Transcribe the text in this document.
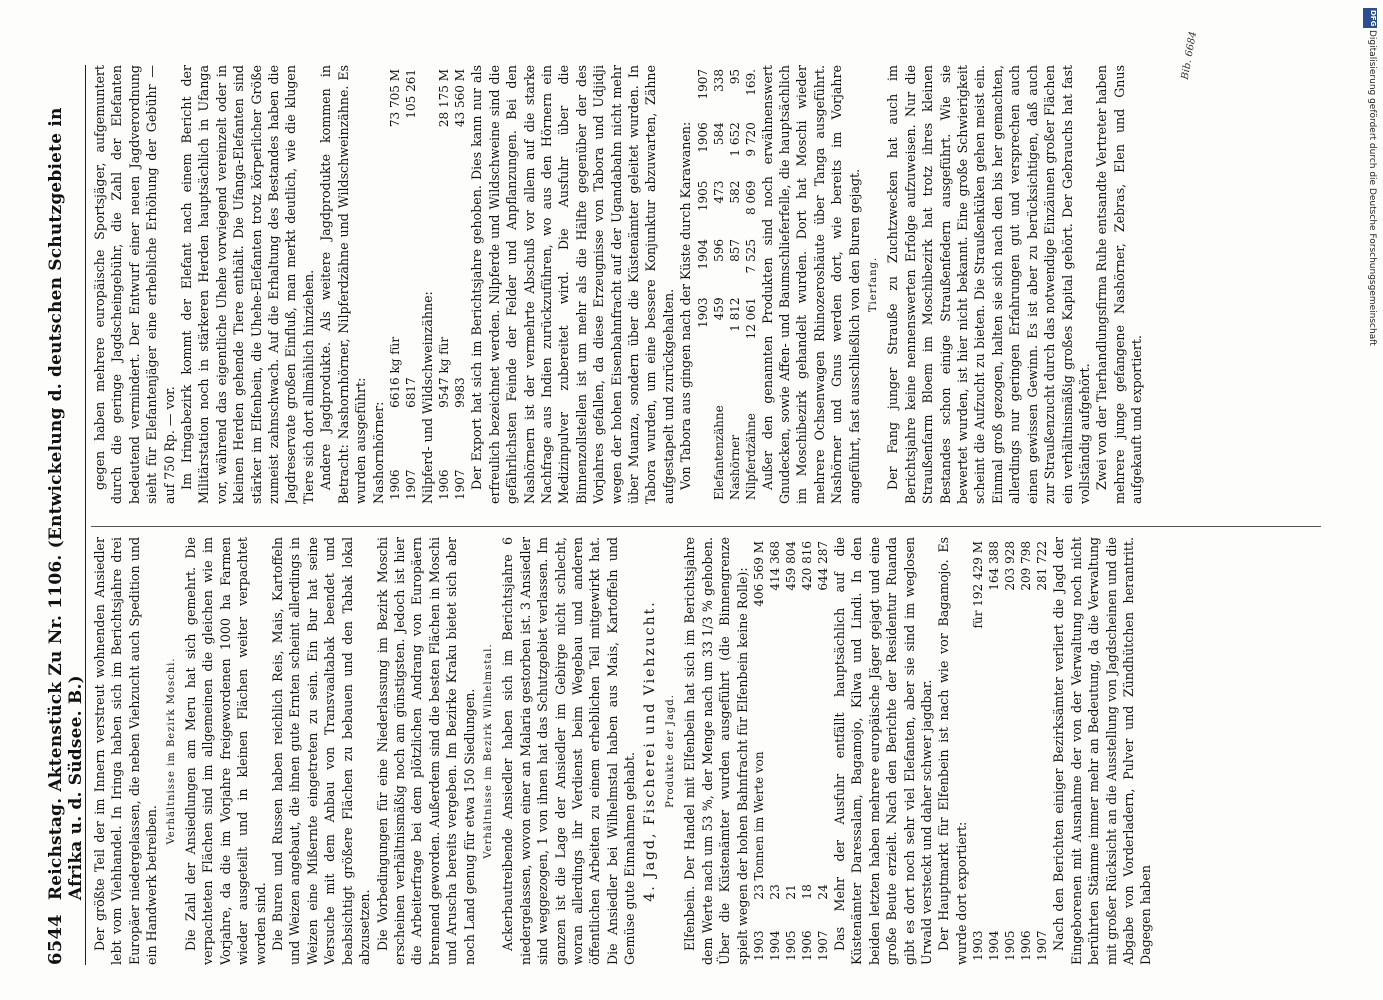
6544
Reichstag. Aktenstück Zu Nr. 1106. (Entwickelung d. deutschen Schutzgebiete in Afrika u. d. Südsee. B.) Der größte Teil der im Innern verstreut wohnenden Ansiedler lebt vom Viehhandel. In Iringa haben sich im Berichtsjahre drei Europäer niedergelassen, die neben Viehzucht auch Spedition und ein Handwerk betreiben.

Verhältnisse im Bezirk Moschi. Die Zahl der Ansiedlungen am Meru hat sich gemehrt. Die verpachteten Flächen sind im allgemeinen die gleichen wie im Vorjahre, da die im Vorjahre freigewordenen 1000 ha Farmen wieder ausgeteilt und in kleinen Flächen weiter verpachtet worden sind. Die Buren und Russen haben reichlich Reis, Mais, Kartoffeln und Weizen angebaut, die ihnen gute Ernten scheint allerdings in Weizen eine Mißernte eingetreten zu sein. Ein Bur hat seine Versuche mit dem Anbau von Transvaaltabak beendet und beabsichtigt größere Flächen zu bebauen und den Tabak lokal abzusetzen. Die Vorbedingungen für eine Niederlassung im Bezirk Moschi erscheinen verhältnismäßig noch am günstigsten. Jedoch ist hier die Arbeiterfrage bei dem plötzlichen Andrang von Europäern brennend geworden. Außerdem sind die besten Flächen in Moschi und Aruscha bereits vergeben. Im Bezirke Kraku bietet sich aber noch Land genug für etwa 150 Siedlungen. Verhältnisse im Bezirk Wilhelmstal. Ackerbautreibende Ansiedler haben sich im Berichtsjahre 6 niedergelassen, wovon einer an Malaria gestorben ist. 3 Ansiedler sind weggezogen, 1 von ihnen hat das Schutzgebiet verlassen. Im ganzen ist die Lage der Ansiedler im Gebirge nicht schlecht, woran allerdings ihr Verdienst beim Wegebau und anderen öffentlichen Arbeiten zu einem erheblichen Teil mitgewirkt hat. Die Ansiedler bei Wilhelmstal haben aus Mais, Kartoffeln und Gemüse gute Einnahmen gehabt. 4. Jagd, Fischerei und Viehzucht. Produkte der Jagd. Elfenbein. Der Handel mit Elfenbein hat sich im Berichtsjahre dem Werte nach um 53 %, der Menge nach um 33 1/3 % gehoben. Über die Küstenämter wurden ausgeführt (die Binnengrenze spielt wegen der hohen Bahnfracht für Elfenbein keine Rolle): 1903	23 Tonnen im Werte von	406 569 M
1904	23	414 368
1905	21	459 804
1906	18	420 816
1907	24	644 287 Das Mehr der Ausfuhr entfällt hauptsächlich auf die Küstenämter Daressalam, Bagamojo, Kilwa und Lindi. In den beiden letzten haben mehrere europäische Jäger gejagt und eine große Beute erzielt. Nach den Berichte der Residentur Ruanda gibt es dort noch sehr viel Elefanten, aber sie sind im weglosen Urwald versteckt und daher schwer jagdbar. Der Hauptmarkt für Elfenbein ist nach wie vor Bagamojo. Es wurde dort exportiert: 1903	für 192 429 M
1904	164 388
1905	203 928
1906	209 798
1907	281 722 Nach den Berichten einiger Bezirksämter verliert die Jagd der Eingeborenen mit Ausnahme der von der Verwaltung noch nicht berührten Stämme immer mehr an Bedeutung, da die Verwaltung mit großer Rücksicht an die Ausstellung von Jagdscheinen und die Abgabe von Vorderladern, Pulver und Zündhütchen herantritt. Dagegen haben

gegen haben mehrere europäische Sportsjäger, aufgemuntert durch die geringe Jagdscheingebühr, die Zahl der Elefanten bedeutend vermindert. Der Entwurf einer neuen Jagdverordnung sieht für Elefantenjäger eine erhebliche Erhöhung der Gebühr — auf 750 Rp. — vor. Im Iringabezirk kommt der Elefant nach einem Bericht der Militärstation noch in stärkeren Herden hauptsächlich in Ufanga vor, während das eigentliche Uhehe vorwiegend vereinzelt oder in kleinen Herden gehende Tiere enthält. Die Ufanga-Elefanten sind stärker im Elfenbein, die Uhehe-Elefanten trotz körperlicher Größe zumeist zahnschwach. Auf die Erhaltung des Bestandes haben die Jagdreservate großen Einfluß, man merkt deutlich, wie die klugen Tiere sich dort allmählich hinziehen. Andere Jagdprodukte. Als weitere Jagdprodukte kommen in Betracht: Nashornhörner, Nilpferdzähne und Wildschweinzähne. Es wurden ausgeführt: Nashornhörner: 1906	6616 kg für	73 705 M
1907	6817	105 261
Nilpferd- und Wildschweinzähne: 1906	9547 kg für	28 175 M
1907	9983	43 560 M Der Export hat sich im Berichtsjahre gehoben. Dies kann nur als erfreulich bezeichnet werden. Nilpferde und Wildschweine sind die gefährlichsten Feinde der Felder und Anpflanzungen. Bei den Nashörnern ist der vermehrte Abschuß vor allem auf die starke Nachfrage aus Indien zurückzuführen, wo aus den Hörnern ein Medizinpulver zubereitet wird. Die Ausfuhr über die Binnenzollstellen ist um mehr als die Hälfte gegenüber der des Vorjahres gefallen, da diese Erzeugnisse von Tabora und Udjidji wegen der hohen Eisenbahnfracht auf der Ugandabahn nicht mehr über Muanza, sondern über die Küstenämter geleitet wurden. In Tabora wurden, um eine bessere Konjunktur abzuwarten, Zähne aufgestapelt und zurückgehalten. Von Tabora aus gingen nach der Küste durch Karawanen:

	1903	1904	1905	1906	1907
Elefantenzähne	459	596	473	584	338
Nashörner	1 812	857	582	1 652	95
Nilpferdzähne	12 061	7 525	8 069	9 720	169. Außer den genannten Produkten sind noch erwähnenswert Gnudecken, sowie Affen- und Baumschlieferfelle, die hauptsächlich im Moschibezirk gehandelt wurden. Dort hat Moschi wieder mehrere Ochsenwagen Rhinozeroshäute über Tanga ausgeführt. Nashörner und Gnus werden dort, wie bereits im Vorjahre angeführt, fast ausschließlich von den Buren gejagt. Tierfang. Der Fang junger Strauße zu Zuchtzwecken hat auch im Berichtsjahre keine nennenswerten Erfolge aufzuweisen. Nur die Straußenfarm Bloem im Moschibezirk hat trotz ihres kleinen Bestandes schon einige Straußenfedern ausgeführt. Wie sie bewertet wurden, ist hier nicht bekannt. Eine große Schwierigkeit scheint die Aufzucht zu bieten. Die Straußenküken gehen meist ein. Einmal groß gezogen, halten sie sich nach den bis her gemachten, allerdings nur geringen Erfahrungen gut und versprechen auch einen gewissen Gewinn. Es ist aber zu berücksichtigen, daß auch zur Straußenzucht durch das notwendige Einzäunen großer Flächen ein verhältnismäßig großes Kapital gehört. Der Gebrauchs hat fast vollständig aufgehört. Zwei von der Tierhandlungsfirma Ruhe entsandte Vertreter haben mehrere junge gefangene Nashörner, Zebras, Elen und Gnus aufgekauft und exportiert.

Bib. 6684
DFG
Digitalisierung gefördert durch die Deutsche Forschungsgemeinschaft
